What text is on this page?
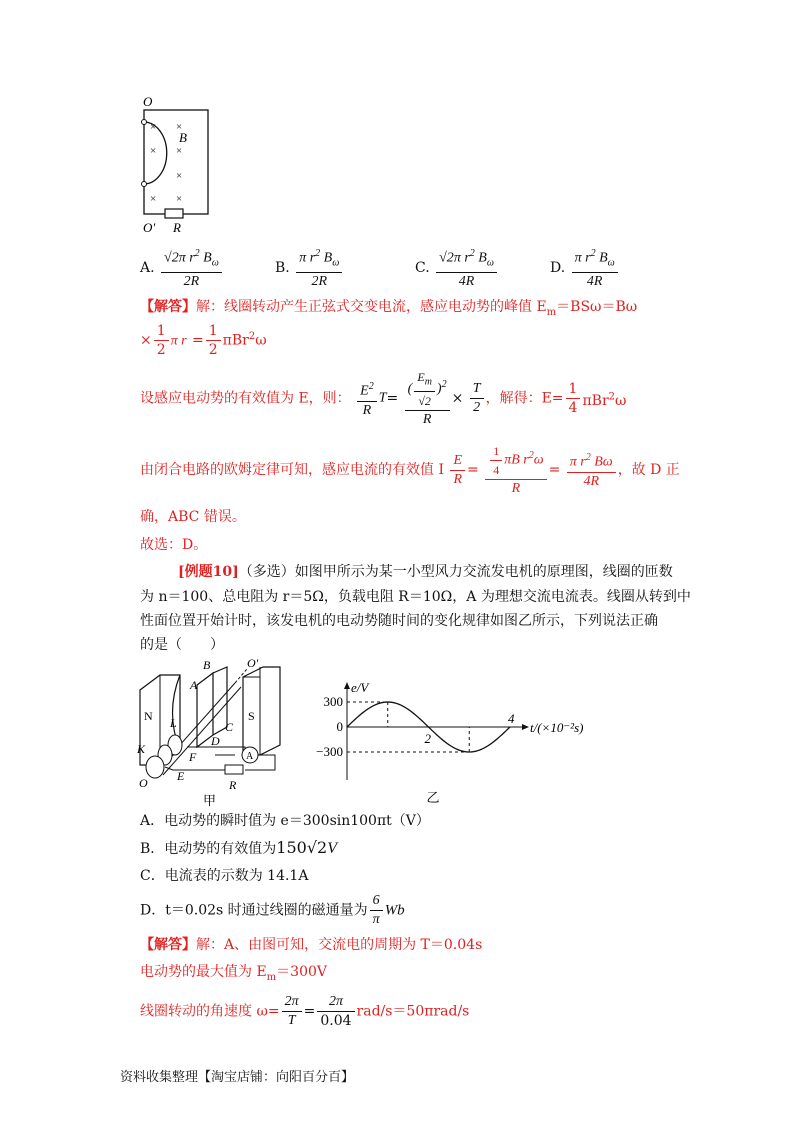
O
× ×
× ×
×
× ×
B
O′ R
A. $\frac{√2\pi r^2 B_\omega}{2R}$	B. $\frac{\pi r^2 B_\omega}{2R}$	C. $\frac{√2\pi r^2 B_\omega}{4R}$	D. $\frac{\pi r^2 B_\omega}{4R}$
【解答】解：线圈转动产生正弦式交变电流，感应电动势的峰值 $E_m=BS\omega=B\omega$
× $\frac{1}{2}$ π $r = \frac{1}{2} \pi Br^2\omega$
设感应电动势的有效值为 E，则： $\frac{E^2}{R} T= \frac{( \frac{E_m}{√2} )^2}{R} \times \frac{T}{2}$ ，解得：$E= \frac{1}{4} \pi Br^2\omega$
由闭合电路的欧姆定律可知，感应电流的有效值 I $\frac{E}{R} = \frac{\frac{1}{4} \pi B r^2\omega}{R} = \frac{\pi r^2 B\omega}{4R}$ ，故 D 正
确，ABC 错误。
故选：D。
[例题10]（多选）如图甲所示为某一小型风力交流发电机的原理图，线圈的匝数
为 n＝100、总电阻为 r＝5Ω，负载电阻 R＝10Ω，A 为理想交流电流表。线圈从转到中
性面位置开始计时，该发电机的电动势随时间的变化规律如图乙所示，下列说法正确
的是（　　）
N	S
A
B
A
C
D
E
F
K
L
O
O′
R
甲
e/V
300
0
−300
2
4
t/(×10⁻²s)
乙
A．电动势的瞬时值为 e＝300sin100πt（V）
B．电动势的有效值为150√2V
C．电流表的示数为 14.1A
D．t＝0.02s 时通过线圈的磁通量为 $\frac{6}{\pi}$ Wb
【解答】解：A、由图可知，交流电的周期为 T＝0.04s
电动势的最大值为 $E_m=300V$
线圈转动的角速度 $\omega= \frac{2\pi}{T} = \frac{2\pi}{0.04} rad/s=50\pi rad/s$
资料收集整理【淘宝店铺：向阳百分百】
